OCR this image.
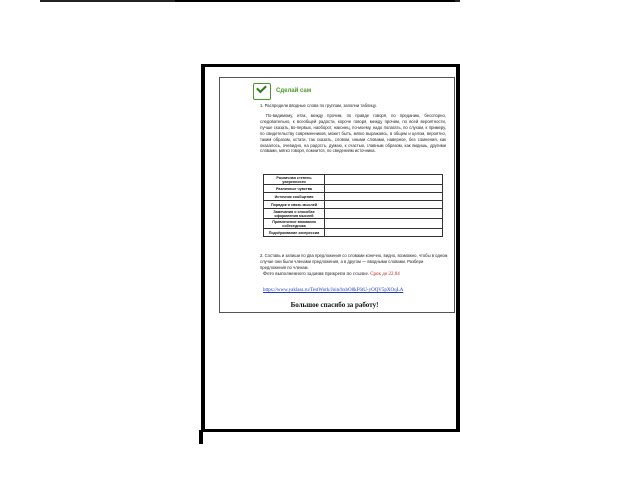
Сделай сам
1. Распредели вводные слова по группам, заполни таблицу.
По-видимому, итак, между прочим, по правде говоря, по преданию, бесспорно, следовательно, к всеобщей радости, короче говоря, между прочим, по всей вероятности, лучше сказать, во-первых, наоборот, наконец, по-моему, надо полагать, по слухам, к примеру, по свидетельству современников, может быть, мягко выражаясь, в общем и целом, вероятно, таким образом, кстати, так сказать, словом, иными словами, наверное, без сомнения, как оказалось, очевидно, на радость, думаю, к счастью, главным образом, как видишь, другими словами, мягко говоря, помнится, по сведениям источника.
Различная степень уверенности	
Различные чувства	
Источник сообщения	
Порядок и связь мыслей	
Замечания о способах оформления мыслей	
Привлечение внимания собеседника	
Подчёркивание экспрессии	
2. Составь и запиши по два предложения со словами конечно, видно, возможно, чтобы в одном случае они были членами предложения, а в другом — вводными словами. Разбери предложения по членам.
Фото выполненного задания прикрепи по ссылке. Срок до 22.04
https://www.yaklass.ru/TestWork/Join/bxbO8kF6tU-yOQV5pXOqLA
Большое спасибо за работу!
